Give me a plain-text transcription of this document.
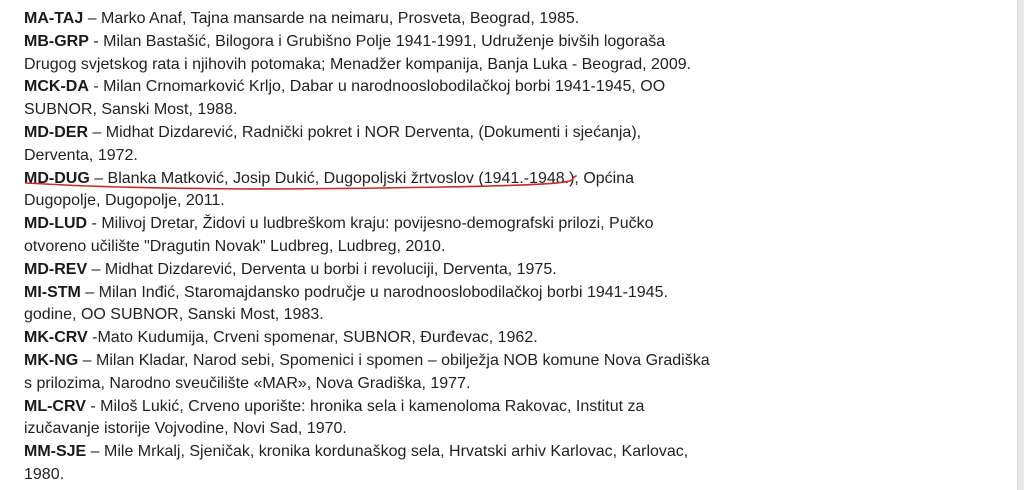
MA-TAJ – Marko Anaf, Tajna mansarde na neimaru, Prosveta, Beograd, 1985.

MB-GRP - Milan Bastašić, Bilogora i Grubišno Polje 1941-1991, Udruženje bivših logoraša Drugog svjetskog rata i njihovih potomaka; Menadžer kompanija, Banja Luka - Beograd, 2009.

MCK-DA - Milan Crnomarković Krljo, Dabar u narodnooslobodilačkoj borbi 1941-1945, OO SUBNOR, Sanski Most, 1988.

MD-DER – Midhat Dizdarević, Radnički pokret i NOR Derventa, (Dokumenti i sjećanja), Derventa, 1972.

MD-DUG – Blanka Matković, Josip Dukić, Dugopoljski žrtvoslov (1941.-1948.), Općina Dugopolje, Dugopolje, 2011.

MD-LUD - Milivoj Dretar, Židovi u ludbreškom kraju: povijesno-demografski prilozi, Pučko otvoreno učilište "Dragutin Novak" Ludbreg, Ludbreg, 2010.

MD-REV – Midhat Dizdarević, Derventa u borbi i revoluciji, Derventa, 1975.

MI-STM – Milan Inđić, Staromajdansko područje u narodnooslobodilačkoj borbi 1941-1945. godine, OO SUBNOR, Sanski Most, 1983.

MK-CRV -Mato Kudumija, Crveni spomenar, SUBNOR, Đurđevac, 1962.

MK-NG – Milan Kladar, Narod sebi, Spomenici i spomen – obilježja NOB komune Nova Gradiška s prilozima, Narodno sveučilište «MAR», Nova Gradiška, 1977.

ML-CRV - Miloš Lukić, Crveno uporište: hronika sela i kamenoloma Rakovac, Institut za izučavanje istorije Vojvodine, Novi Sad, 1970.

MM-SJE – Mile Mrkalj, Sjeničak, kronika kordunaškog sela, Hrvatski arhiv Karlovac, Karlovac, 1980.
